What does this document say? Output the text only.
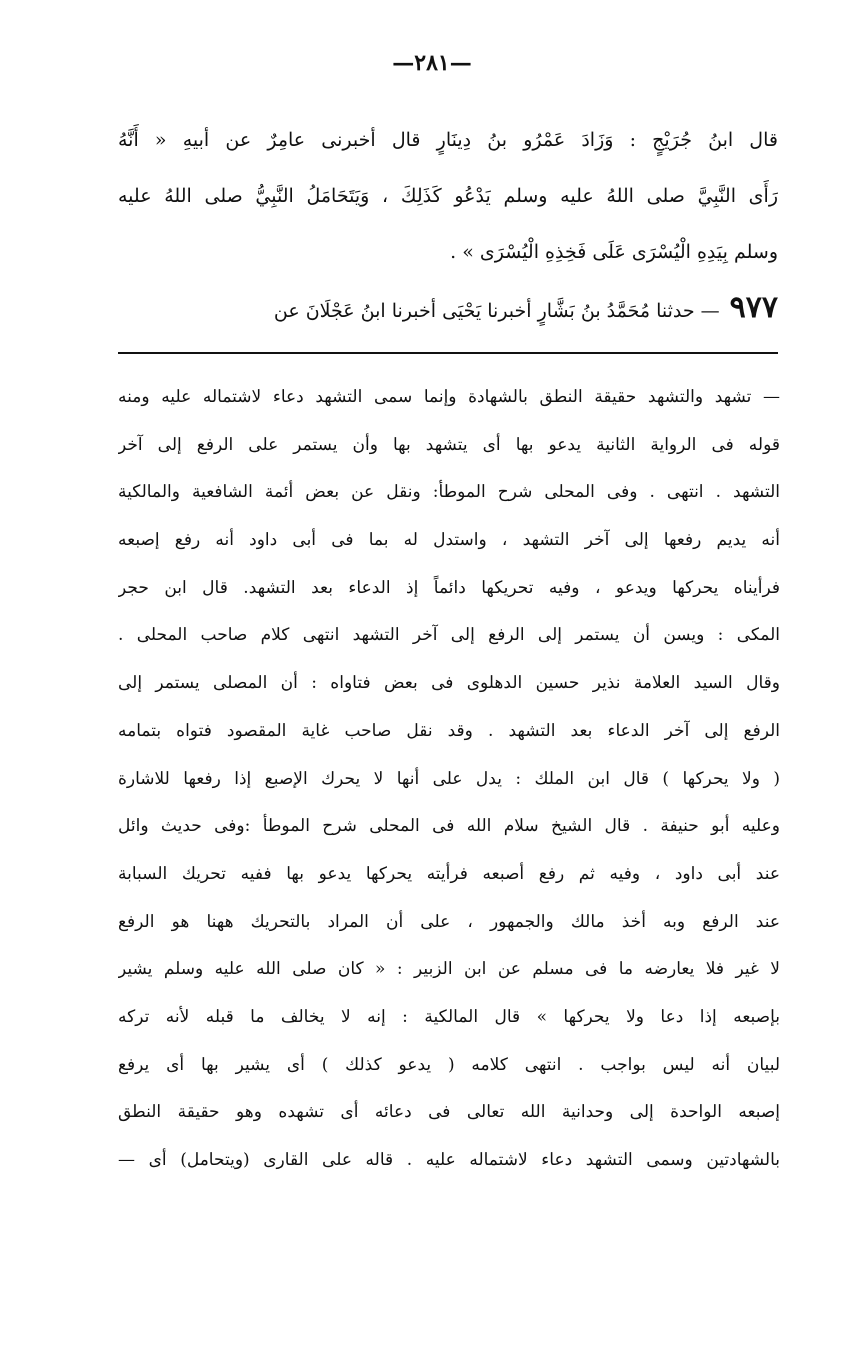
—٢٨١—
قال ابنُ جُرَيْجٍ : وَزَادَ عَمْرُو بنُ دِينَارٍ قال أخبرنى عامِرٌ عن أبيهِ « أَنَّهُ
رَأَى النَّبِيَّ صلى اللهُ عليه وسلم يَدْعُو كَذَلِكَ ، وَيَتَحَامَلُ النَّبِيُّ صلى اللهُ عليه
وسلم بِيَدِهِ الْيُسْرَى عَلَى فَخِذِهِ الْيُسْرَى » .
٩٧٧— حدثنا مُحَمَّدُ بنُ بَشَّارٍ أخبرنا يَحْيَى أخبرنا ابنُ عَجْلَانَ عن
— تشهد والتشهد حقيقة النطق بالشهادة وإنما سمى التشهد دعاء لاشتماله عليه ومنه
قوله فى الرواية الثانية يدعو بها أى يتشهد بها وأن يستمر على الرفع إلى آخر
التشهد . انتهى . وفى المحلى شرح الموطأ: ونقل عن بعض أئمة الشافعية والمالكية
أنه يديم رفعها إلى آخر التشهد ، واستدل له بما فى أبى داود أنه رفع إصبعه
فرأيناه يحركها ويدعو ، وفيه تحريكها دائماً إذ الدعاء بعد التشهد. قال ابن حجر
المكى : ويسن أن يستمر إلى الرفع إلى آخر التشهد انتهى كلام صاحب المحلى .
وقال السيد العلامة نذير حسين الدهلوى فى بعض فتاواه : أن المصلى يستمر إلى
الرفع إلى آخر الدعاء بعد التشهد . وقد نقل صاحب غاية المقصود فتواه بتمامه
( ولا يحركها ) قال ابن الملك : يدل على أنها لا يحرك الإصبع إذا رفعها للاشارة
وعليه أبو حنيفة . قال الشيخ سلام الله فى المحلى شرح الموطأ :وفى حديث وائل
عند أبى داود ، وفيه ثم رفع أصبعه فرأيته يحركها يدعو بها ففيه تحريك السبابة
عند الرفع وبه أخذ مالك والجمهور ، على أن المراد بالتحريك ههنا هو الرفع
لا غير فلا يعارضه ما فى مسلم عن ابن الزبير : « كان صلى الله عليه وسلم يشير
بإصبعه إذا دعا ولا يحركها » قال المالكية : إنه لا يخالف ما قبله لأنه تركه
لبيان أنه ليس بواجب . انتهى كلامه ( يدعو كذلك ) أى يشير بها أى يرفع
إصبعه الواحدة إلى وحدانية الله تعالى فى دعائه أى تشهده وهو حقيقة النطق
بالشهادتين وسمى التشهد دعاء لاشتماله عليه . قاله على القارى (ويتحامل) أى —
